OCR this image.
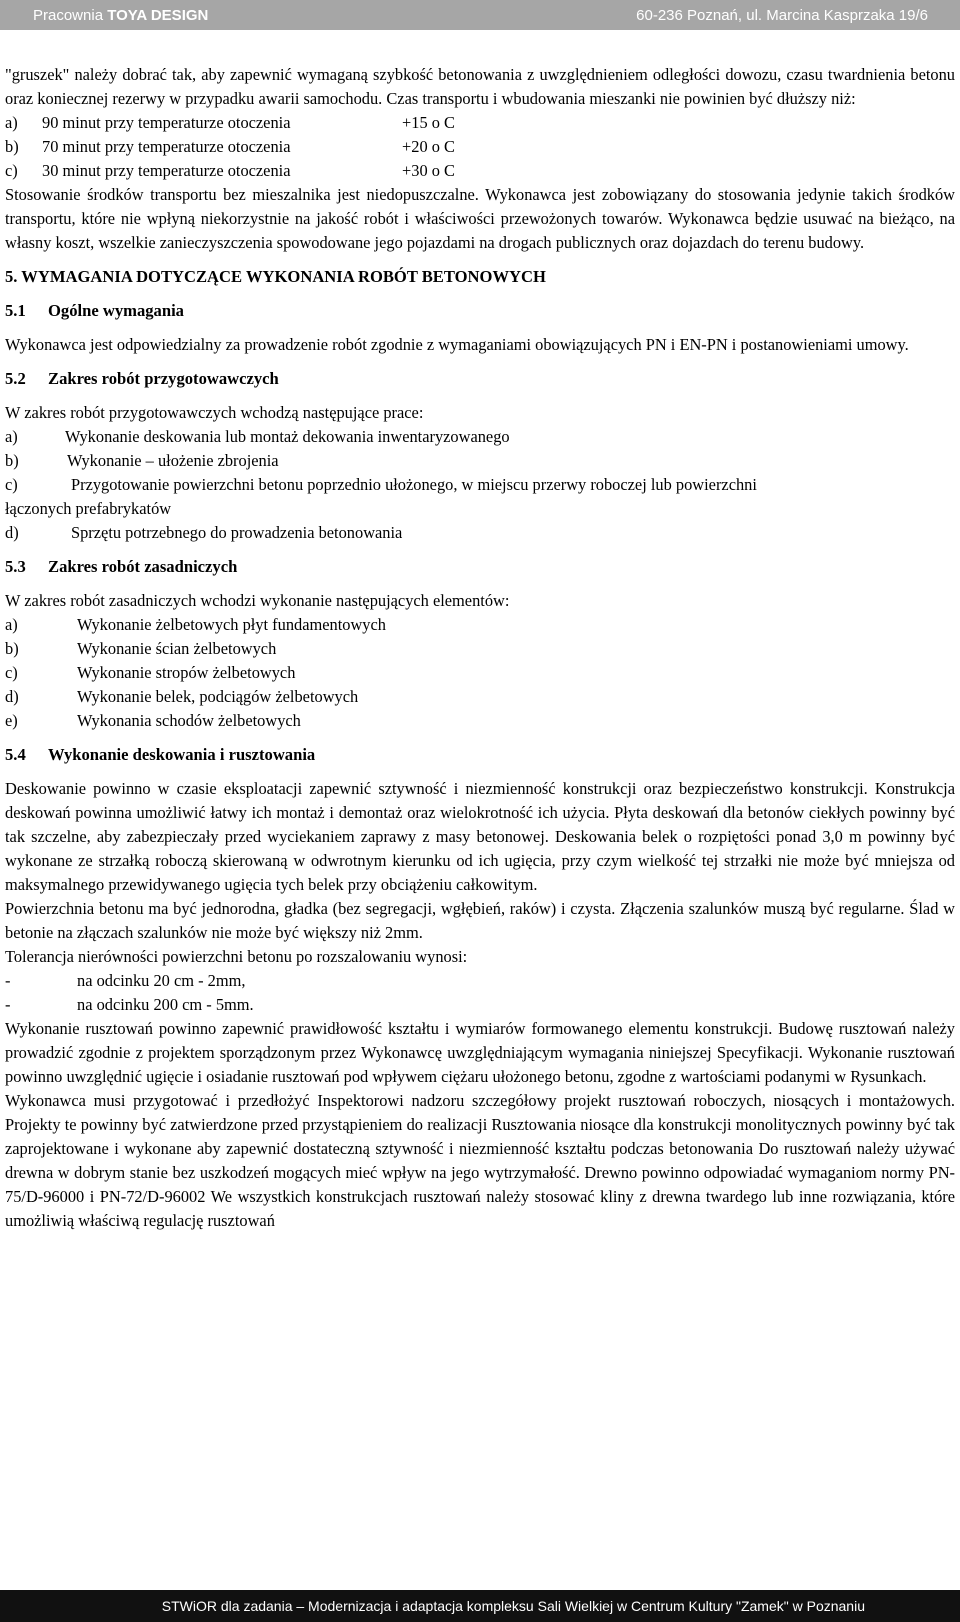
Pracownia TOYA DESIGN	60-236 Poznań, ul. Marcina Kasprzaka 19/6

"gruszek" należy dobrać tak, aby zapewnić wymaganą szybkość betonowania z uwzględnieniem odległości dowozu, czasu twardnienia betonu oraz koniecznej rezerwy w przypadku awarii samochodu. Czas transportu i wbudowania mieszanki nie powinien być dłuższy niż:

a) 90 minut przy temperaturze otoczenia	+15 o C
b) 70 minut przy temperaturze otoczenia	+20 o C
c) 30 minut przy temperaturze otoczenia	+30 o C

Stosowanie środków transportu bez mieszalnika jest niedopuszczalne. Wykonawca jest zobowiązany do stosowania jedynie takich środków transportu, które nie wpłyną niekorzystnie na jakość robót i właściwości przewożonych towarów. Wykonawca będzie usuwać na bieżąco, na własny koszt, wszelkie zanieczyszczenia spowodowane jego pojazdami na drogach publicznych oraz dojazdach do terenu budowy.

5. WYMAGANIA DOTYCZĄCE WYKONANIA ROBÓT BETONOWYCH
5.1 Ogólne wymagania

Wykonawca jest odpowiedzialny za prowadzenie robót zgodnie z wymaganiami obowiązujących PN i EN-PN i postanowieniami umowy.

5.2 Zakres robót przygotowawczych

W zakres robót przygotowawczych wchodzą następujące prace:

a)	Wykonanie deskowania lub montaż dekowania inwentaryzowanego
b)	Wykonanie – ułożenie zbrojenia
c)	Przygotowanie powierzchni betonu poprzednio ułożonego, w miejscu przerwy roboczej lub powierzchni
łączonych prefabrykatów
d)	Sprzętu potrzebnego do prowadzenia betonowania
5.3 Zakres robót zasadniczych

W zakres robót zasadniczych wchodzi wykonanie następujących elementów:

a)	Wykonanie żelbetowych płyt fundamentowych
b)	Wykonanie ścian żelbetowych
c)	Wykonanie stropów żelbetowych
d)	Wykonanie belek, podciągów żelbetowych
e)	Wykonania schodów żelbetowych
5.4 Wykonanie deskowania i rusztowania

Deskowanie powinno w czasie eksploatacji zapewnić sztywność i niezmienność konstrukcji oraz bezpieczeństwo konstrukcji. Konstrukcja deskowań powinna umożliwić łatwy ich montaż i demontaż oraz wielokrotność ich użycia. Płyta deskowań dla betonów ciekłych powinny być tak szczelne, aby zabezpieczały przed wyciekaniem zaprawy z masy betonowej. Deskowania belek o rozpiętości ponad 3,0 m powinny być wykonane ze strzałką roboczą skierowaną w odwrotnym kierunku od ich ugięcia, przy czym wielkość tej strzałki nie może być mniejsza od maksymalnego przewidywanego ugięcia tych belek przy obciążeniu całkowitym.

Powierzchnia betonu ma być jednorodna, gładka (bez segregacji, wgłębień, raków) i czysta. Złączenia szalunków muszą być regularne. Ślad w betonie na złączach szalunków nie może być większy niż 2mm.

Tolerancja nierówności powierzchni betonu po rozszalowaniu wynosi:

-	na odcinku 20 cm - 2mm,
-	na odcinku 200 cm - 5mm.

Wykonanie rusztowań powinno zapewnić prawidłowość kształtu i wymiarów formowanego elementu konstrukcji. Budowę rusztowań należy prowadzić zgodnie z projektem sporządzonym przez Wykonawcę uwzględniającym wymagania niniejszej Specyfikacji. Wykonanie rusztowań powinno uwzględnić ugięcie i osiadanie rusztowań pod wpływem ciężaru ułożonego betonu, zgodne z wartościami podanymi w Rysunkach.

Wykonawca musi przygotować i przedłożyć Inspektorowi nadzoru szczegółowy projekt rusztowań roboczych, niosących i montażowych. Projekty te powinny być zatwierdzone przed przystąpieniem do realizacji Rusztowania niosące dla konstrukcji monolitycznych powinny być tak zaprojektowane i wykonane aby zapewnić dostateczną sztywność i niezmienność kształtu podczas betonowania Do rusztowań należy używać drewna w dobrym stanie bez uszkodzeń mogących mieć wpływ na jego wytrzymałość. Drewno powinno odpowiadać wymaganiom normy PN-75/D-96000 i PN-72/D-96002 We wszystkich konstrukcjach rusztowań należy stosować kliny z drewna twardego lub inne rozwiązania, które umożliwią właściwą regulację rusztowań

STWiOR dla zadania – Modernizacja i adaptacja kompleksu Sali Wielkiej w Centrum Kultury "Zamek" w Poznaniu
